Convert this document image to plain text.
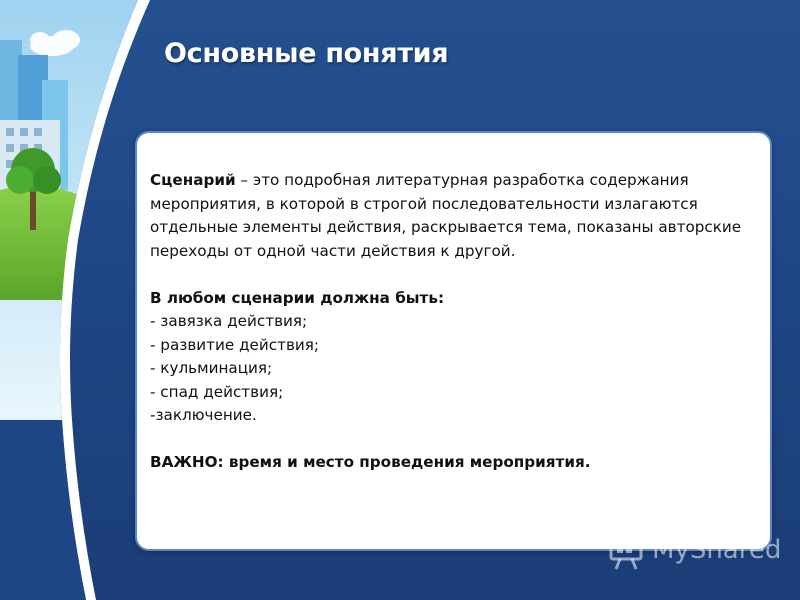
Основные понятия

Сценарий – это подробная литературная разработка содержания мероприятия, в которой в строгой последовательности излагаются отдельные элементы действия, раскрывается тема, показаны авторские переходы от одной части действия к другой.

В любом сценарии должна быть:

- завязка действия;

- развитие действия;

- кульминация;

- спад действия;

-заключение.

ВАЖНО: время и место проведения мероприятия.

MyShared
